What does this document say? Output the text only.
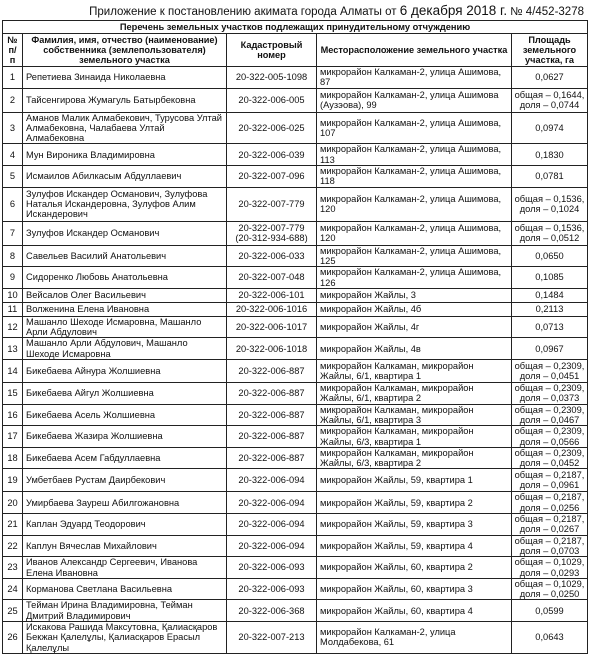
Приложение к постановлению акимата города Алматы от 6 декабря 2018 г. № 4/452-3278
Перечень земельных участков подлежащих принудительному отчуждению				
№ п/п	Фамилия, имя, отчество (наименование) собственника (землепользователя) земельного участка	Кадастровый номер	Месторасположение земельного участка	Площадь земельного участка, га
1	Репетиева Зинаида Николаевна	20-322-005-1098	микрорайон Калкаман-2, улица Ашимова, 87	0,0627
2	Тайсенгирова Жумагуль Батырбековна	20-322-006-005	микрорайон Калкаман-2, улица Ашимова (Аузэова), 99	общая – 0,1644, доля – 0,0744
3	Аманов Малик Алмабекович, Турусова Ултай Алмабековна, Чалабаева Ултай Алмабековна	20-322-006-025	микрорайон Калкаман-2, улица Ашимова, 107	0,0974
4	Мун Вироника Владимировна	20-322-006-039	микрорайон Калкаман-2, улица Ашимова, 113	0,1830
5	Исмаилов Абилкасым Абдуллаевич	20-322-007-096	микрорайон Калкаман-2, улица Ашимова, 118	0,0781
6	Зулуфов Искандер Османович, Зулуфова Наталья Искандеровна, Зулуфов Алим Искандерович	20-322-007-779	микрорайон Калкаман-2, улица Ашимова, 120	общая – 0,1536, доля – 0,1024
7	Зулуфов Искандер Османович	20-322-007-779 (20-312-934-688)	микрорайон Калкаман-2, улица Ашимова, 120	общая – 0,1536, доля – 0,0512
8	Савельев Василий Анатольевич	20-322-006-033	микрорайон Калкаман-2, улица Ашимова, 125	0,0650
9	Сидоренко Любовь Анатольевна	20-322-007-048	микрорайон Калкаман-2, улица Ашимова, 126	0,1085
10	Вейсалов Олег Васильевич	20-322-006-101	микрорайон Жайлы, 3	0,1484
11	Волженина Елена Ивановна	20-322-006-1016	микрорайон Жайлы, 4б	0,2113
12	Машанло Шеходе Исмаровна, Машанло Арли Абдулович	20-322-006-1017	микрорайон Жайлы, 4г	0,0713
13	Машанло Арли Абдулович, Машанло Шеходе Исмаровна	20-322-006-1018	микрорайон Жайлы, 4в	0,0967
14	Бикебаева Айнура Жолшиевна	20-322-006-887	микрорайон Калкаман, микрорайон Жайлы, 6/1, квартира 1	общая – 0,2309, доля – 0,0451
15	Бикебаева Айгул Жолшиевна	20-322-006-887	микрорайон Калкаман, микрорайон Жайлы, 6/1, квартира 2	общая – 0,2309, доля – 0,0373
16	Бикебаева Асель Жолшиевна	20-322-006-887	микрорайон Калкаман, микрорайон Жайлы, 6/1, квартира 3	общая – 0,2309, доля – 0,0467
17	Бикебаева Жазира Жолшиевна	20-322-006-887	микрорайон Калкаман, микрорайон Жайлы, 6/3, квартира 1	общая – 0,2309, доля – 0,0566
18	Бикебаева Асем Габдуллаевна	20-322-006-887	микрорайон Калкаман, микрорайон Жайлы, 6/3, квартира 2	общая – 0,2309, доля – 0,0452
19	Умбетбаев Рустам Даирбекович	20-322-006-094	микрорайон Жайлы, 59, квартира 1	общая – 0,2187, доля – 0,0961
20	Умирбаева Зауреш Абилгожановна	20-322-006-094	микрорайон Жайлы, 59, квартира 2	общая – 0,2187, доля – 0,0256
21	Каплан Эдуард Теодорович	20-322-006-094	микрорайон Жайлы, 59, квартира 3	общая – 0,2187, доля – 0,0267
22	Каплун Вячеслав Михайлович	20-322-006-094	микрорайон Жайлы, 59, квартира 4	общая – 0,2187, доля – 0,0703
23	Иванов Александр Сергеевич, Иванова Елена Ивановна	20-322-006-093	микрорайон Жайлы, 60, квартира 2	общая – 0,1029, доля – 0,0293
24	Корманова Светлана Васильевна	20-322-006-093	микрорайон Жайлы, 60, квартира 3	общая – 0,1029, доля – 0,0250
25	Тейман Ирина Владимировна, Тейман Дмитрий Владимирович	20-322-006-368	микрорайон Жайлы, 60, квартира 4	0,0599
26	Искакова Рашида Максутовна, Қалиасқаров Бекжан Қалелұлы, Қалиасқаров Ерасыл Қалелұлы	20-322-007-213	микрорайон Калкаман-2, улица Молдабекова, 61	0,0643
